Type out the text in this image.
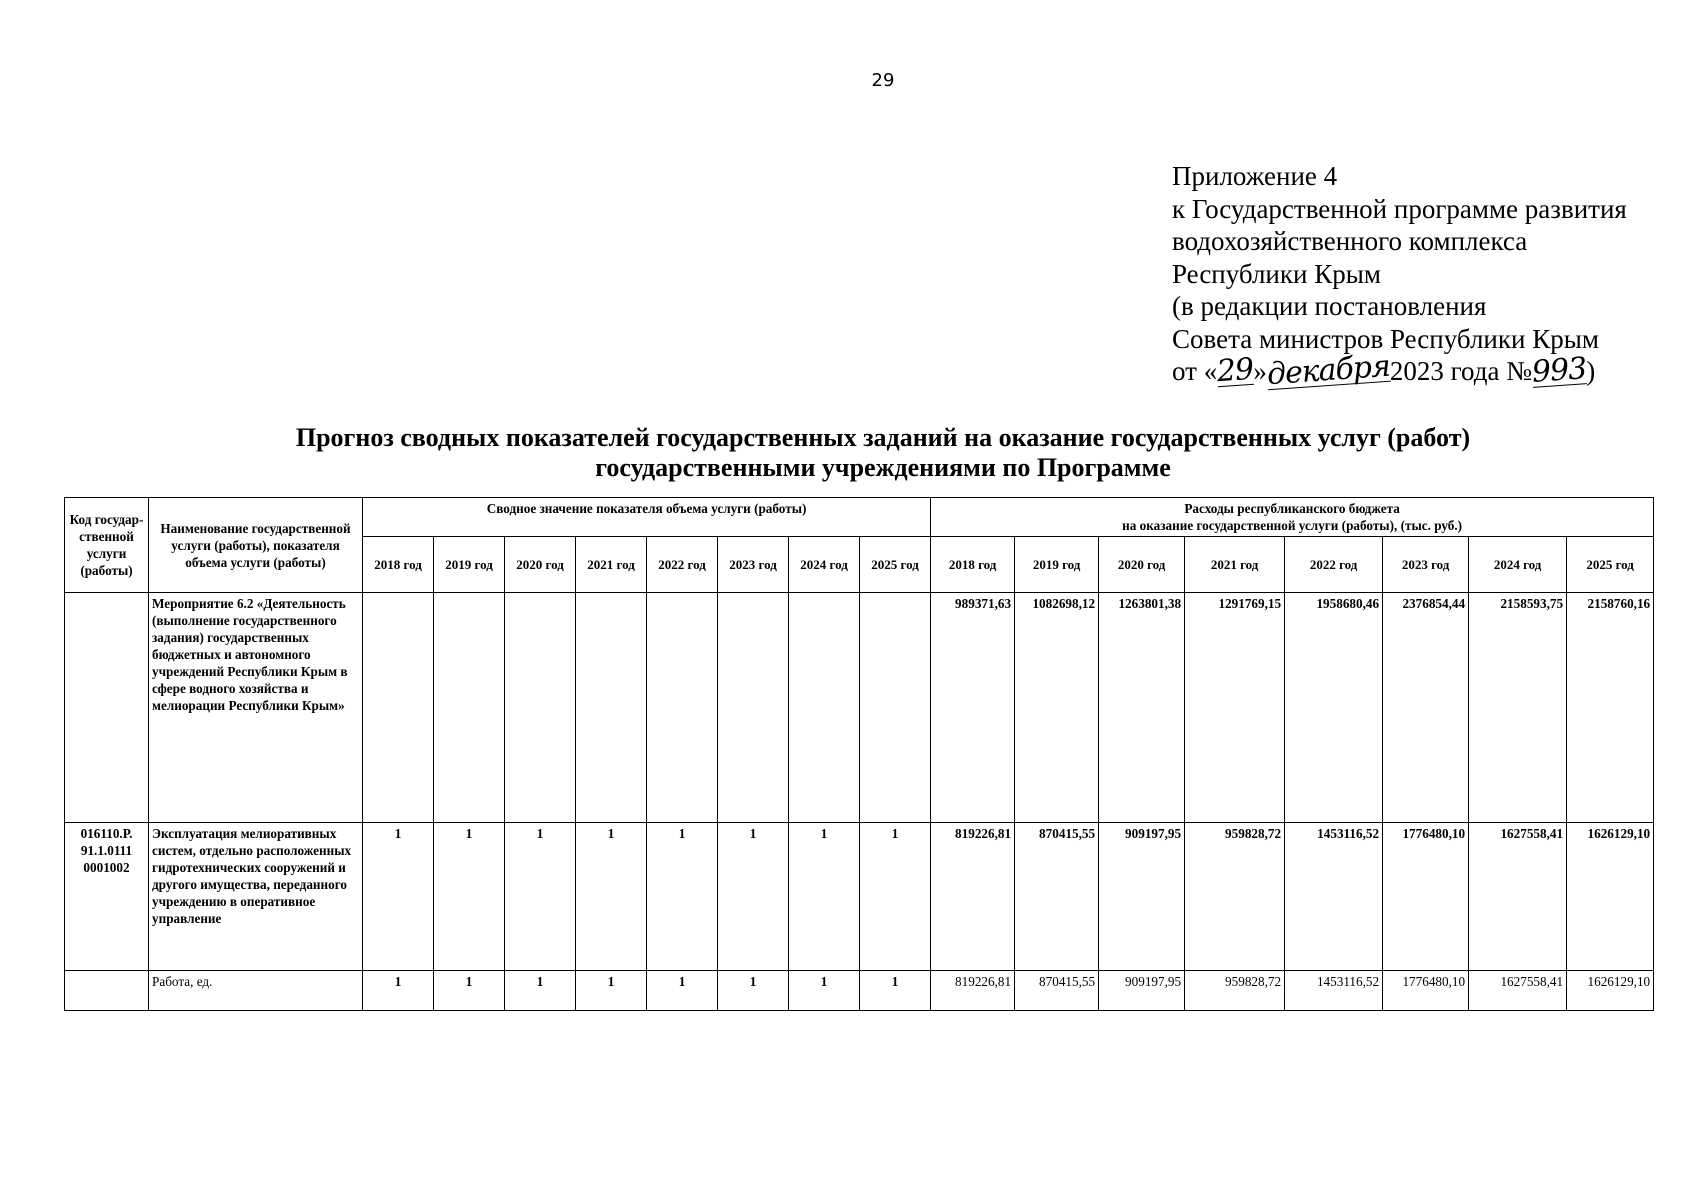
29
Приложение 4
к Государственной программе развития
водохозяйственного комплекса
Республики Крым
(в редакции постановления
Совета министров Республики Крым
от «29»декабря2023 года №993)
Прогноз сводных показателей государственных заданий на оказание государственных услуг (работ)
государственными учреждениями по Программе
Код государ-ственной услуги (работы)	Наименование государственной услуги (работы), показателя объема услуги (работы)	Сводное значение показателя объема услуги (работы)								Расходы республиканского бюджета
на оказание государственной услуги (работы), (тыс. руб.)							

		2018 год	2019 год	2020 год	2021 год	2022 год	2023 год	2024 год	2025 год	2018 год	2019 год	2020 год	2021 год	2022 год	2023 год	2024 год	2025 год
	Мероприятие 6.2 «Деятельность (выполнение государственного задания) государственных бюджетных и автономного учреждений Республики Крым в сфере водного хозяйства и мелиорации Республики Крым»									989371,63	1082698,12	1263801,38	1291769,15	1958680,46	2376854,44	2158593,75	2158760,16
016110.Р. 91.1.0111 0001002	Эксплуатация мелиоративных систем, отдельно расположенных гидротехнических сооружений и другого имущества, переданного учреждению в оперативное управление	1	1	1	1	1	1	1	1	819226,81	870415,55	909197,95	959828,72	1453116,52	1776480,10	1627558,41	1626129,10
	Работа, ед.	1	1	1	1	1	1	1	1	819226,81	870415,55	909197,95	959828,72	1453116,52	1776480,10	1627558,41	1626129,10
